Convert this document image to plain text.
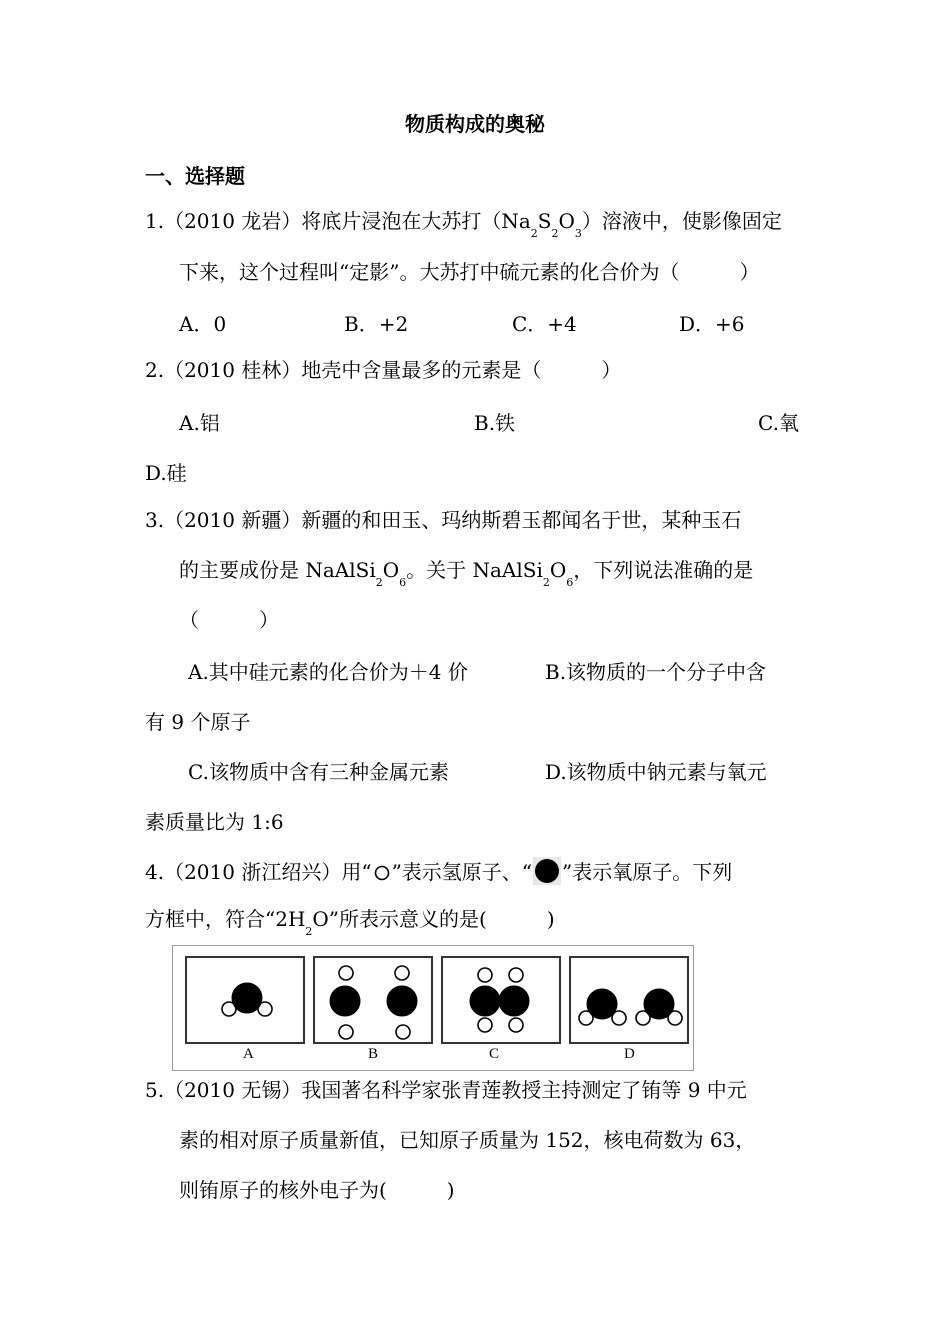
物质构成的奥秘
一、选择题
1.（2010 龙岩）将底片浸泡在大苏打$(Na_2S_2O_3)$溶液中，使影像固定
下来，这个过程叫“定影”。大苏打中硫元素的化合价为（　　　）
A．0	B．+2	C．+4	D．+6
2.（2010 桂林）地壳中含量最多的元素是（　　　）
A.铝	B.铁	C.氧
D.硅
3.（2010 新疆）新疆的和田玉、玛纳斯碧玉都闻名于世，某种玉石
的主要成份是 $NaAlSi_2O_6$。关于 $NaAlSi_2O_6$，下列说法准确的是
（　　　）
A.其中硅元素的化合价为＋4 价	B.该物质的一个分子中含
有 9 个原子
C.该物质中含有三种金属元素	D.该物质中钠元素与氧元
素质量比为 1:6
4.（2010 浙江绍兴）用“ ”表示氢原子、“ ”表示氧原子。下列
方框中，符合“$2H_2O$”所表示意义的是(　　　)
A	B	C	D
5.（2010 无锡）我国著名科学家张青莲教授主持测定了铕等 9 中元
素的相对原子质量新值，已知原子质量为 152，核电荷数为 63，
则铕原子的核外电子为(　　　)
